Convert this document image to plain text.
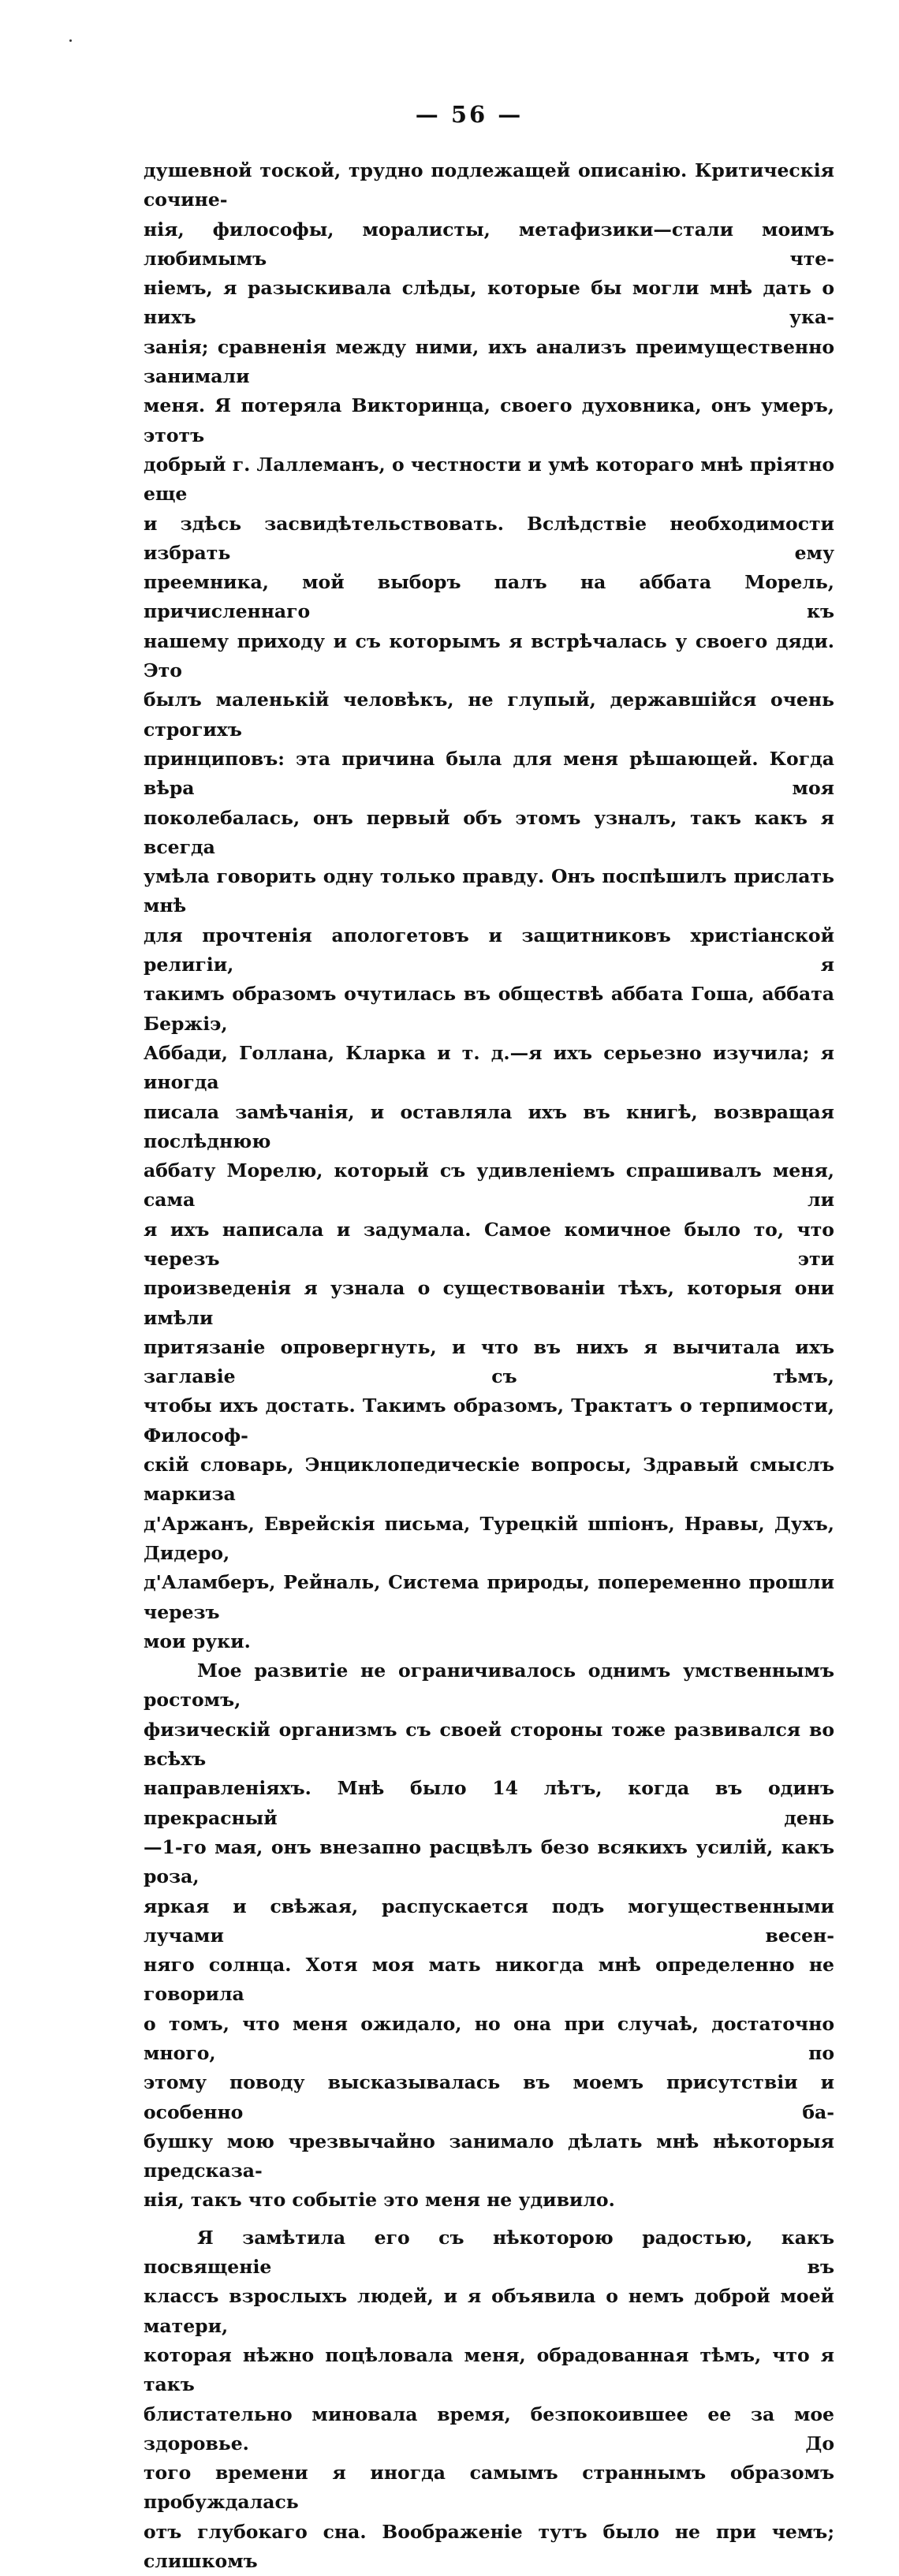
— 56 —

душевной тоской, трудно подлежащей описанію. Критическія сочине-

нія, философы, моралисты, метафизики—стали моимъ любимымъ чте-

ніемъ, я разыскивала слѣды, которые бы могли мнѣ дать о нихъ ука-

занія; сравненія между ними, ихъ анализъ преимущественно занимали

меня. Я потеряла Викторинца, своего духовника, онъ умеръ, этотъ

добрый г. Лаллеманъ, о честности и умѣ котораго мнѣ пріятно еще

и здѣсь засвидѣтельствовать. Вслѣдствіе необходимости избрать ему

преемника, мой выборъ палъ на аббата Морель, причисленнаго къ

нашему приходу и съ которымъ я встрѣчалась у своего дяди. Это

былъ маленькій человѣкъ, не глупый, державшійся очень строгихъ

принциповъ: эта причина была для меня рѣшающей. Когда вѣра моя

поколебалась, онъ первый объ этомъ узналъ, такъ какъ я всегда

умѣла говорить одну только правду. Онъ поспѣшилъ прислать мнѣ

для прочтенія апологетовъ и защитниковъ христіанской религіи, я

такимъ образомъ очутилась въ обществѣ аббата Гоша, аббата Бержіэ,

Аббади, Голлана, Кларка и т. д.—я ихъ серьезно изучила; я иногда

писала замѣчанія, и оставляла ихъ въ книгѣ, возвращая послѣднюю

аббату Морелю, который съ удивленіемъ спрашивалъ меня, сама ли

я ихъ написала и задумала. Самое комичное было то, что черезъ эти

произведенія я узнала о существованіи тѣхъ, которыя они имѣли

притязаніе опровергнуть, и что въ нихъ я вычитала ихъ заглавіе съ тѣмъ,

чтобы ихъ достать. Такимъ образомъ, Трактатъ о терпимости, Философ-

скій словарь, Энциклопедическіе вопросы, Здравый смыслъ маркиза

д'Аржанъ, Еврейскія письма, Турецкій шпіонъ, Нравы, Духъ, Дидеро,

д'Аламберъ, Рейналь, Система природы, попеременно прошли черезъ

мои руки.

Мое развитіе не ограничивалось однимъ умственнымъ ростомъ,

физическій организмъ съ своей стороны тоже развивался во всѣхъ

направленіяхъ. Мнѣ было 14 лѣтъ, когда въ одинъ прекрасный день

—1-го мая, онъ внезапно расцвѣлъ безо всякихъ усилій, какъ роза,

яркая и свѣжая, распускается подъ могущественными лучами весен-

няго солнца. Хотя моя мать никогда мнѣ определенно не говорила

о томъ, что меня ожидало, но она при случаѣ, достаточно много, по

этому поводу высказывалась въ моемъ присутствіи и особенно ба-

бушку мою чрезвычайно занимало дѣлать мнѣ нѣкоторыя предсказа-

нія, такъ что событіе это меня не удивило.

Я замѣтила его съ нѣкоторою радостью, какъ посвященіе въ

классъ взрослыхъ людей, и я объявила о немъ доброй моей матери,

которая нѣжно поцѣловала меня, обрадованная тѣмъ, что я такъ

блистательно миновала время, безпокоившее ее за мое здоровье. До

того времени я иногда самымъ страннымъ образомъ пробуждалась

отъ глубокаго сна. Воображеніе тутъ было не при чемъ; слишкомъ
